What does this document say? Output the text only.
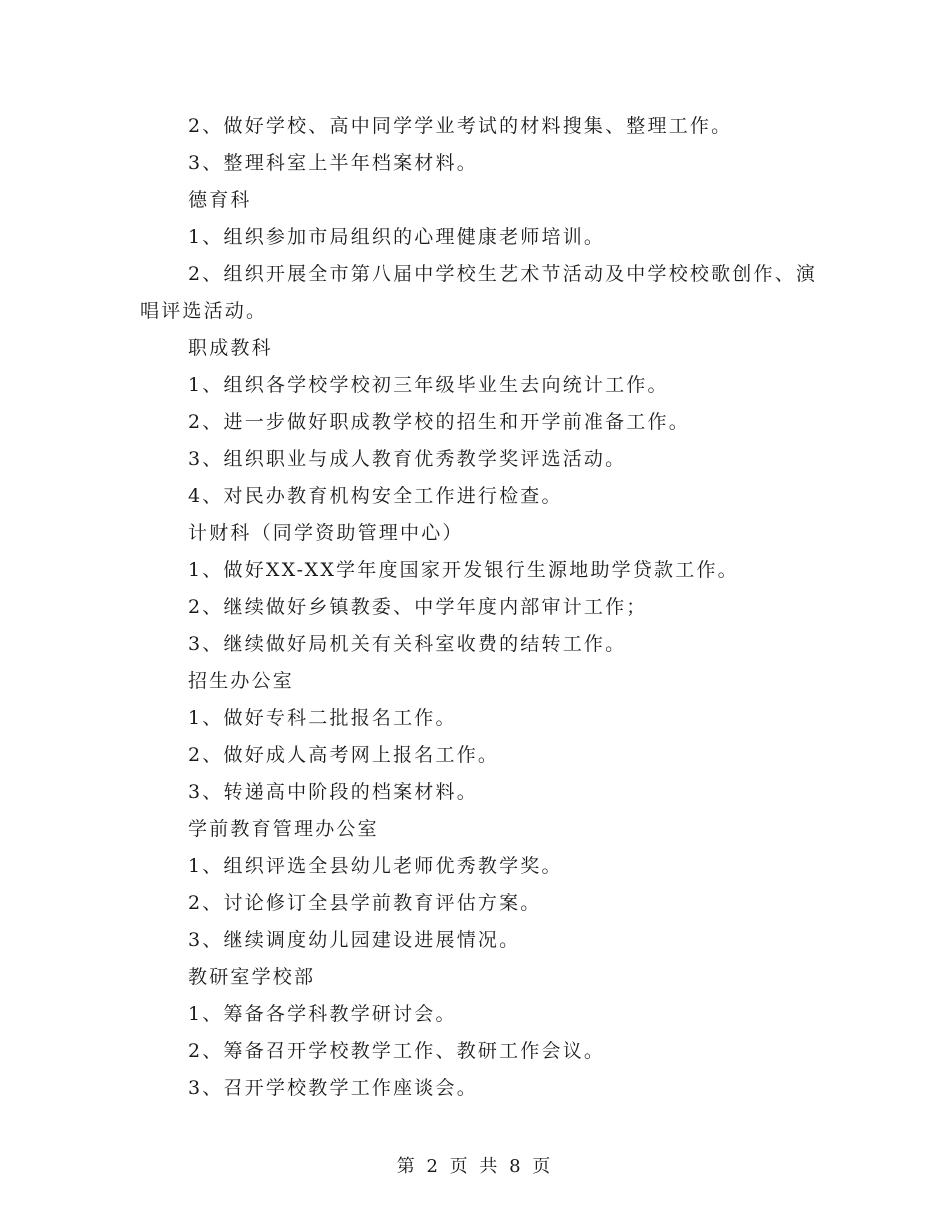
2、做好学校、高中同学学业考试的材料搜集、整理工作。

3、整理科室上半年档案材料。

德育科

1、组织参加市局组织的心理健康老师培训。

2、组织开展全市第八届中学校生艺术节活动及中学校校歌创作、演唱评选活动。

职成教科

1、组织各学校学校初三年级毕业生去向统计工作。

2、进一步做好职成教学校的招生和开学前准备工作。

3、组织职业与成人教育优秀教学奖评选活动。

4、对民办教育机构安全工作进行检查。

计财科（同学资助管理中心）

1、做好XX-XX学年度国家开发银行生源地助学贷款工作。

2、继续做好乡镇教委、中学年度内部审计工作；

3、继续做好局机关有关科室收费的结转工作。

招生办公室

1、做好专科二批报名工作。

2、做好成人高考网上报名工作。

3、转递高中阶段的档案材料。

学前教育管理办公室

1、组织评选全县幼儿老师优秀教学奖。

2、讨论修订全县学前教育评估方案。

3、继续调度幼儿园建设进展情况。

教研室学校部

1、筹备各学科教学研讨会。

2、筹备召开学校教学工作、教研工作会议。

3、召开学校教学工作座谈会。

第 2 页 共 8 页
